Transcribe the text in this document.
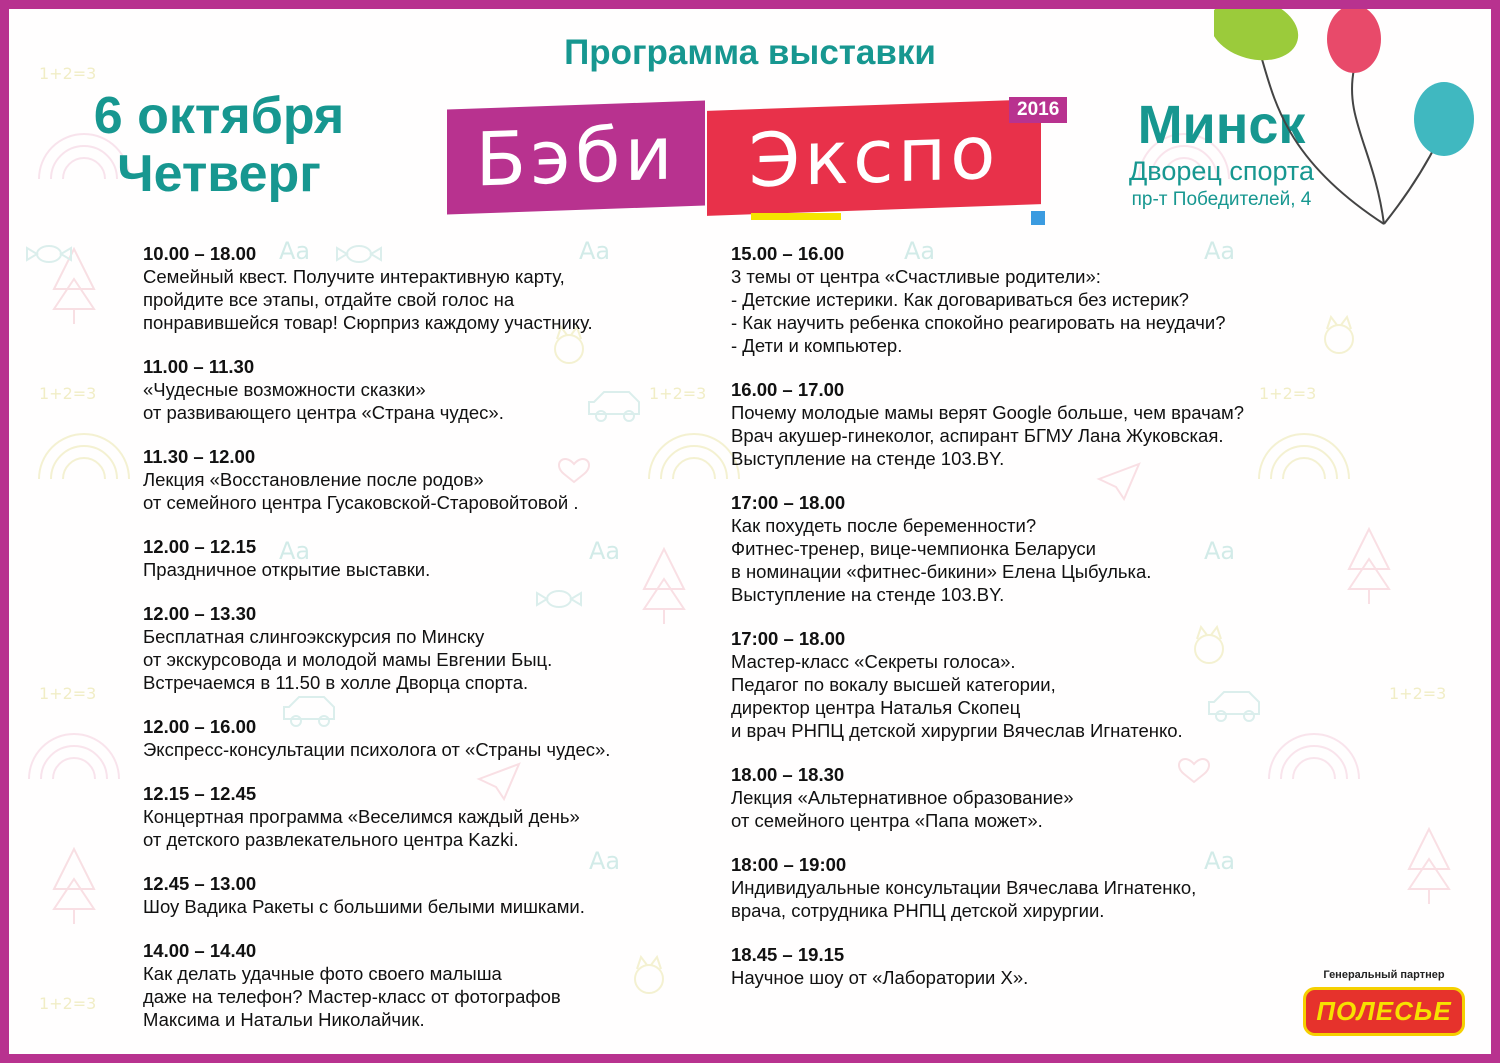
Aa	Aa	Aa	Aa
Aa	Aa
Aa	Aa
Aa
1+2=3
1+2=3
1+2=3
1+2=3
1+2=3	1+2=3
1+2=3
Программа выставки
6 октября
Четверг	Бэби Экспо
2016	Минск
Дворец спорта
пр-т Победителей, 4
10.00 – 18.00
Семейный квест. Получите интерактивную карту,
пройдите все этапы, отдайте свой голос на
понравившейся товар! Сюрприз каждому участнику.
11.00 – 11.30
«Чудесные возможности сказки»
от развивающего центра «Страна чудес».
11.30 – 12.00
Лекция «Восстановление после родов»
от семейного центра Гусаковской-Старовойтовой .
12.00 – 12.15
Праздничное открытие выставки.
12.00 – 13.30
Бесплатная слингоэкскурсия по Минску
от экскурсовода и молодой мамы Евгении Быц.
Встречаемся в 11.50 в холле Дворца спорта.
12.00 – 16.00
Экспресс-консультации психолога от «Страны чудес».
12.15 – 12.45
Концертная программа «Веселимся каждый день»
от детского развлекательного центра Kazki.
12.45 – 13.00
Шоу Вадика Ракеты с большими белыми мишками.
14.00 – 14.40
Как делать удачные фото своего малыша
даже на телефон? Мастер-класс от фотографов
Максима и Натальи Николайчик.
15.00 – 16.00
3 темы от центра «Счастливые родители»:
- Детские истерики. Как договариваться без истерик?
- Как научить ребенка спокойно реагировать на неудачи?
- Дети и компьютер.
16.00 – 17.00
Почему молодые мамы верят Google больше, чем врачам?
Врач акушер-гинеколог, аспирант БГМУ Лана Жуковская.
Выступление на стенде 103.BY.
17:00 – 18.00
Как похудеть после беременности?
Фитнес-тренер, вице-чемпионка Беларуси
в номинации «фитнес-бикини» Елена Цыбулька.
Выступление на стенде 103.BY.
17:00 – 18.00
Мастер-класс «Секреты голоса».
Педагог по вокалу высшей категории,
директор центра Наталья Скопец
и врач РНПЦ детской хирургии Вячеслав Игнатенко.
18.00 – 18.30
Лекция «Альтернативное образование»
от семейного центра «Папа может».
18:00 – 19:00
Индивидуальные консультации Вячеслава Игнатенко,
врача, сотрудника РНПЦ детской хирургии.
18.45 – 19.15
Научное шоу от «Лаборатории Х».	Генеральный партнер
ПОЛЕСЬЕ
